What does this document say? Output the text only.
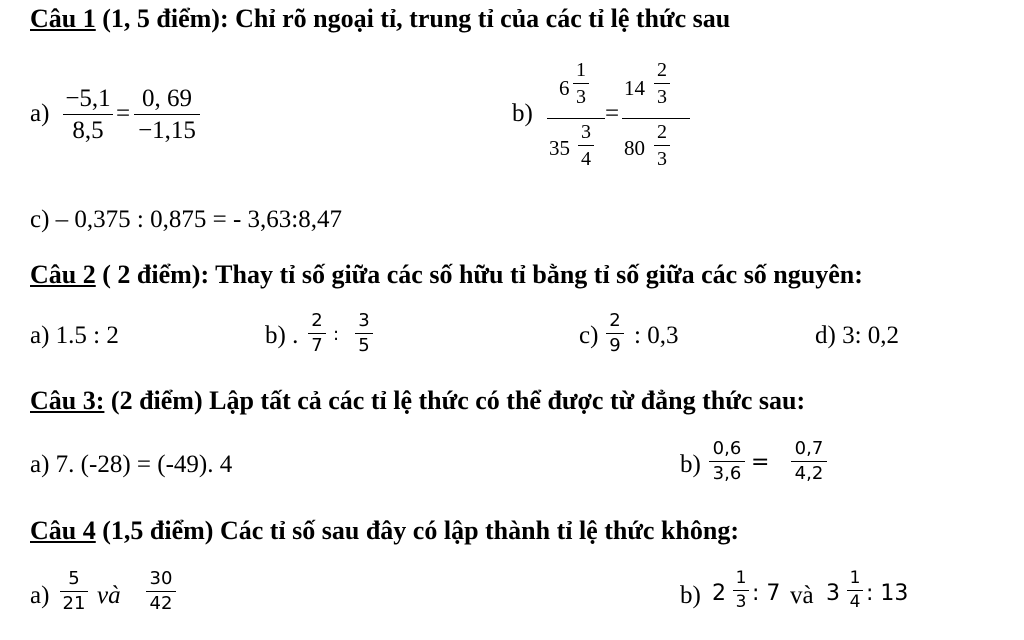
Câu 1 (1, 5 điểm): Chỉ rõ ngoại tỉ, trung tỉ của các tỉ lệ thức sau
a)
−5,1
8,5
=
0, 69
−1,15
b)
6
1
3
35
3
4
=
14
2
3
80
2
3
c) – 0,375 : 0,875 = - 3,63:8,47
Câu 2 ( 2 điểm): Thay tỉ số giữa các số hữu tỉ bằng tỉ số giữa các số nguyên:
a) 1.5 : 2	b) .
2
7
:
3
5	c)
2
9 : 0,3	d) 3: 0,2
Câu 3: (2 điểm) Lập tất cả các tỉ lệ thức có thể được từ đẳng thức sau:
a) 7. (-28) = (-49). 4	b)
0,6
3,6 =
0,7
4,2
Câu 4 (1,5 điểm) Các tỉ số sau đây có lập thành tỉ lệ thức không:
a)
5
21 và
30
42	b) 2
1
3 : 7 và 3
1
4 : 13
